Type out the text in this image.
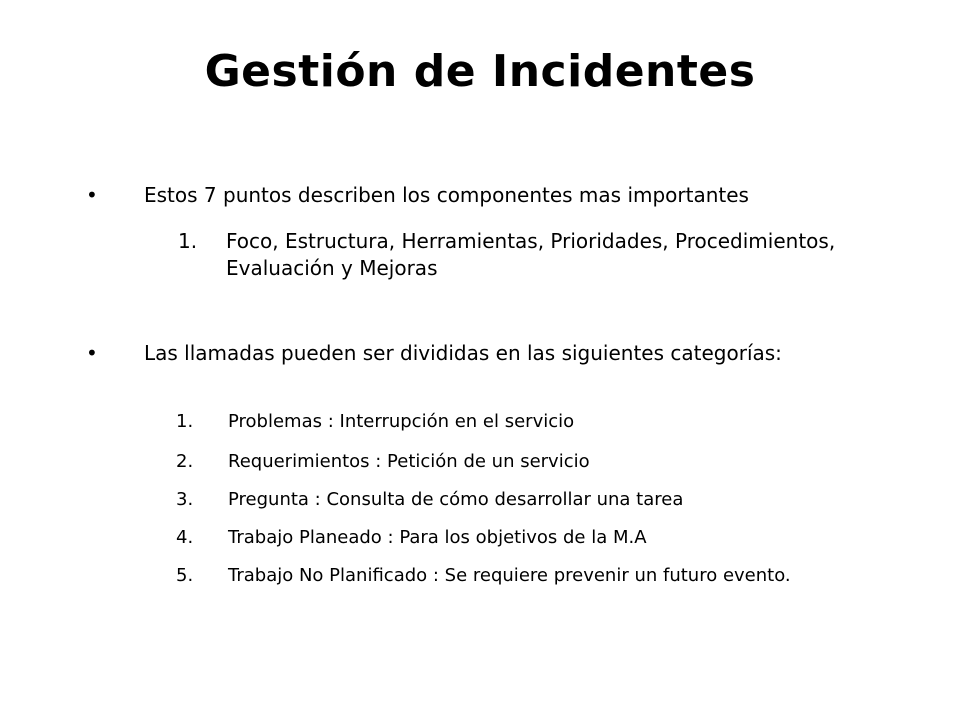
Gestión de Incidentes
•	Estos 7 puntos describen los componentes mas importantes
1. Foco, Estructura, Herramientas, Prioridades, Procedimientos, Evaluación y Mejoras
•	Las llamadas pueden ser divididas en las siguientes categorías:
1. Problemas : Interrupción en el servicio
2. Requerimientos : Petición de un servicio
3. Pregunta : Consulta de cómo desarrollar una tarea
4. Trabajo Planeado : Para los objetivos de la M.A
5. Trabajo No Planificado : Se requiere prevenir un futuro evento.
